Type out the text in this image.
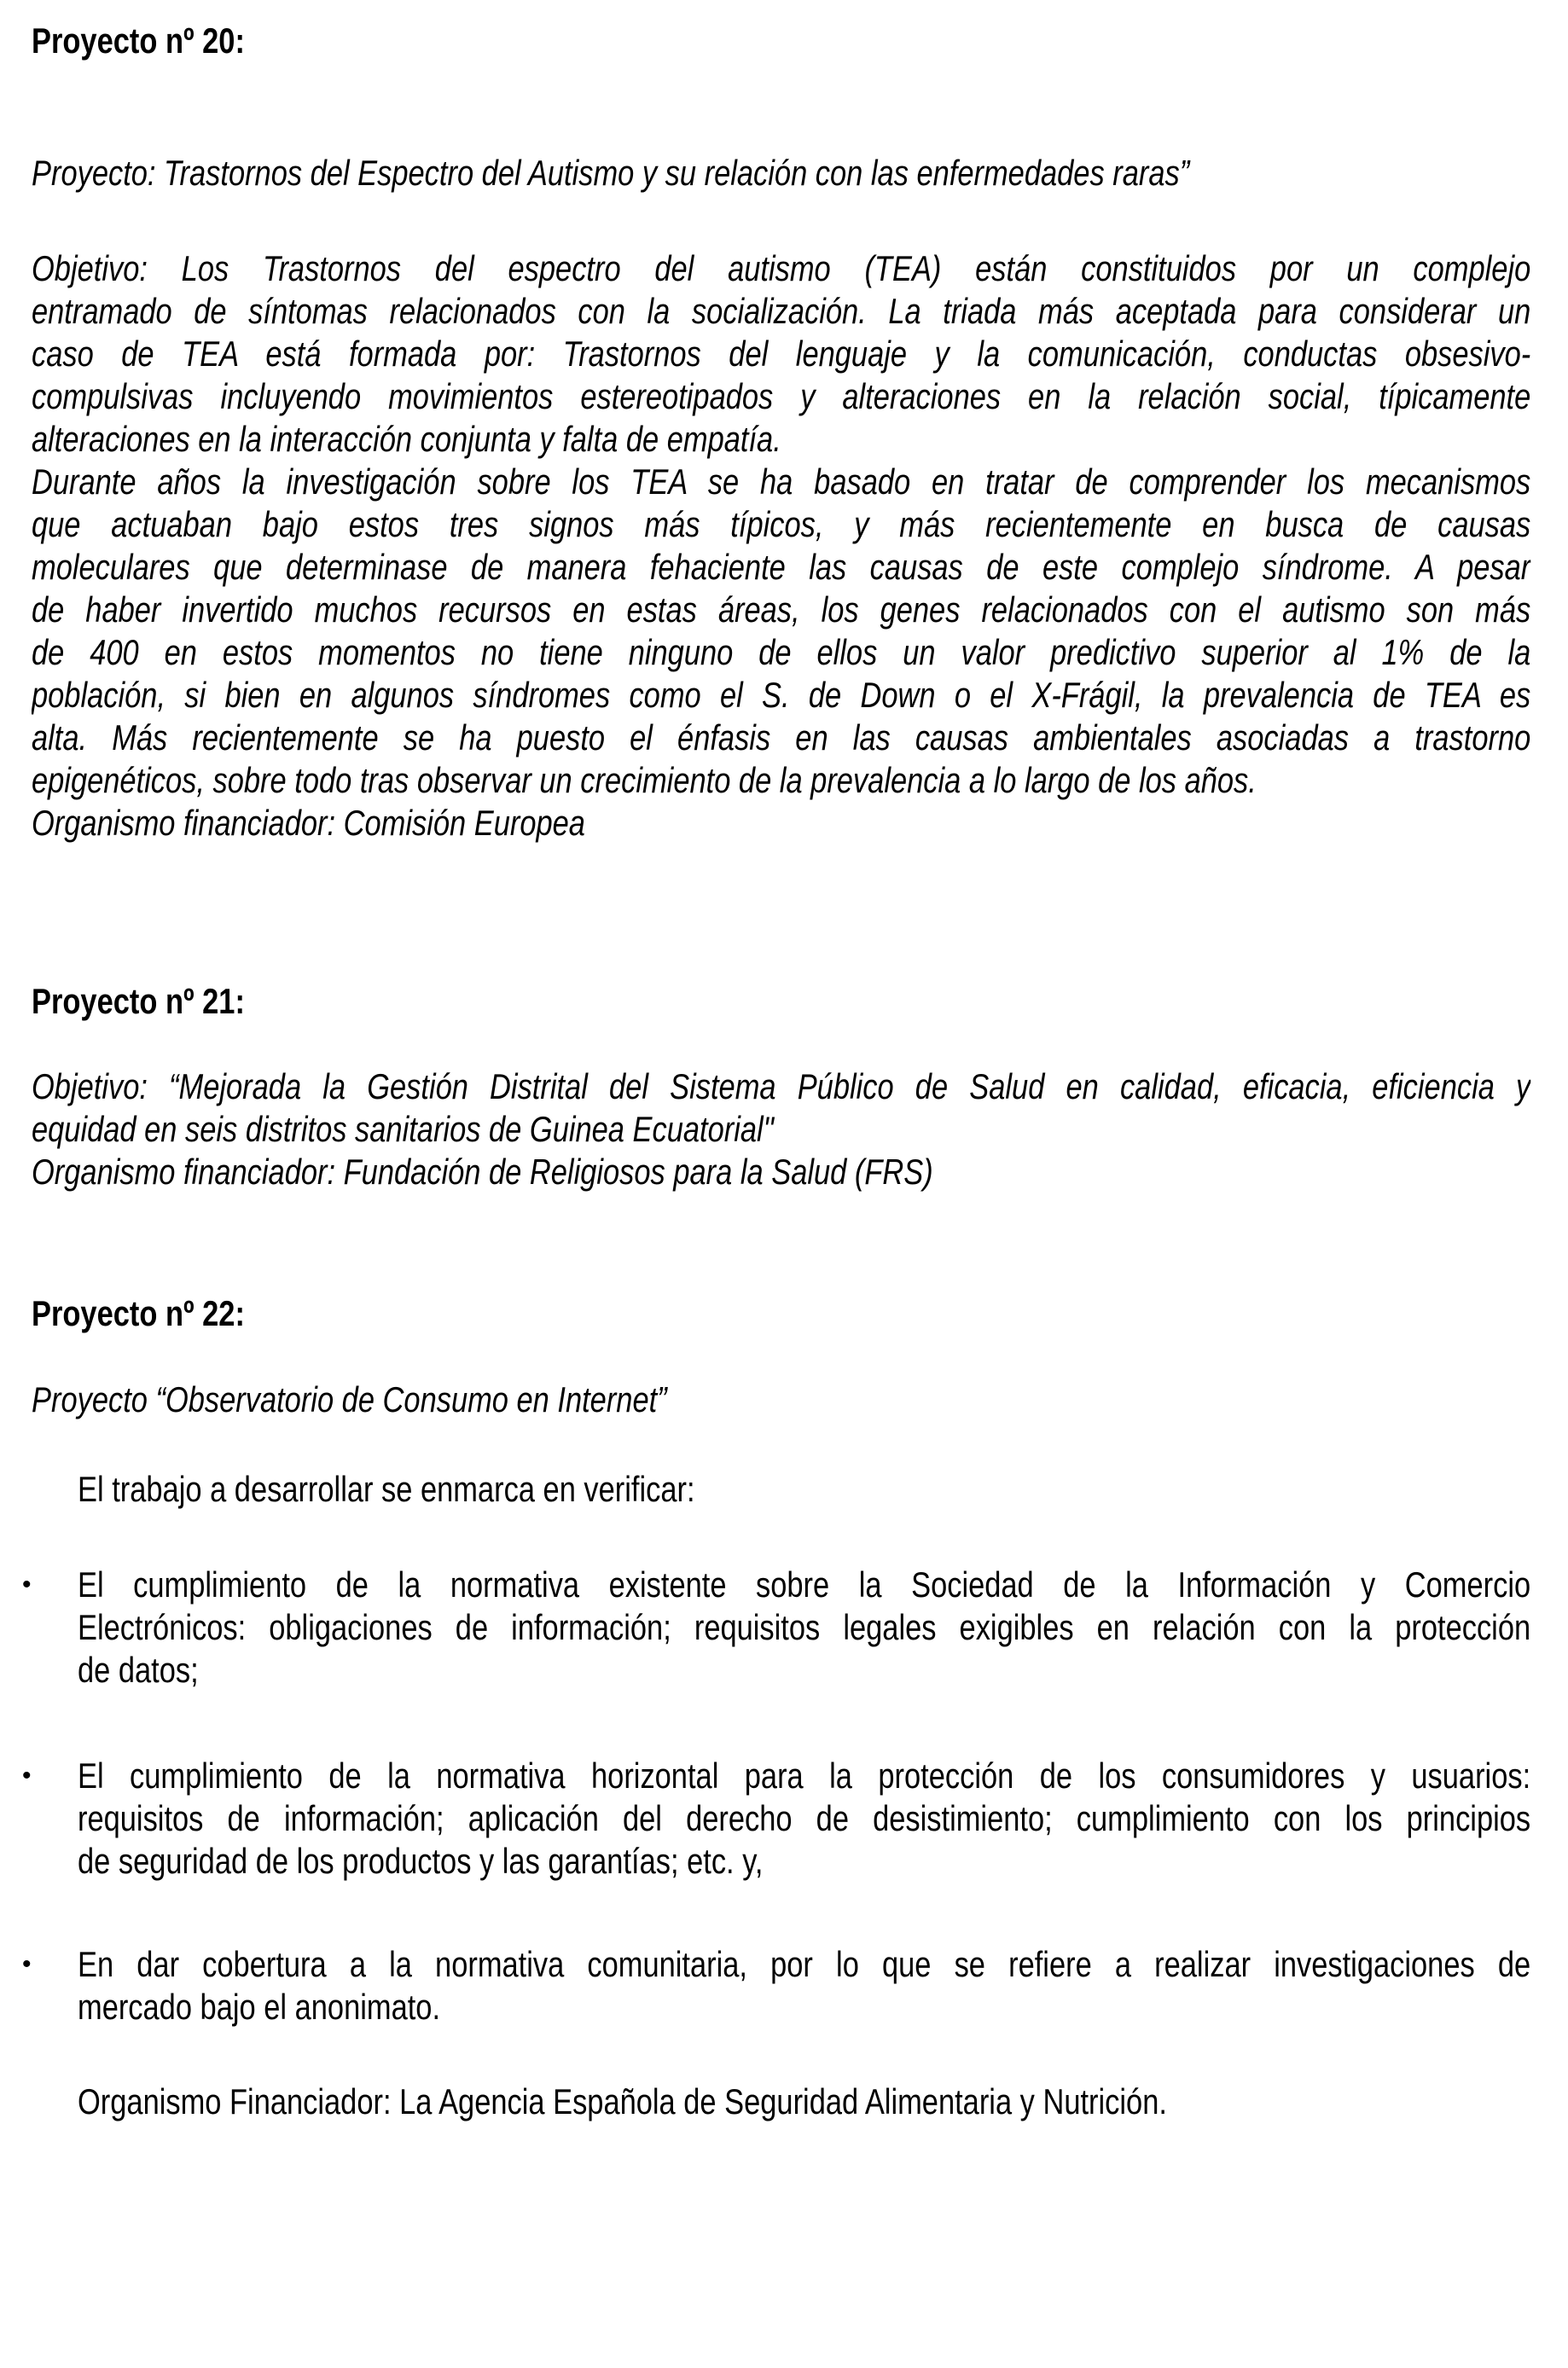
Proyecto nº 20:
Proyecto: Trastornos del Espectro del Autismo y su relación con las enfermedades raras”
Objetivo: Los Trastornos del espectro del autismo (TEA) están constituidos por un complejo
entramado de síntomas relacionados con la socialización. La triada más aceptada para considerar un
caso de TEA está formada por: Trastornos del lenguaje y la comunicación, conductas obsesivo-
compulsivas incluyendo movimientos estereotipados y alteraciones en la relación social, típicamente
alteraciones en la interacción conjunta y falta de empatía.
Durante años la investigación sobre los TEA se ha basado en tratar de comprender los mecanismos
que actuaban bajo estos tres signos más típicos, y más recientemente en busca de causas
moleculares que determinase de manera fehaciente las causas de este complejo síndrome. A pesar
de haber invertido muchos recursos en estas áreas, los genes relacionados con el autismo son más
de 400 en estos momentos no tiene ninguno de ellos un valor predictivo superior al 1% de la
población, si bien en algunos síndromes como el S. de Down o el X-Frágil, la prevalencia de TEA es
alta. Más recientemente se ha puesto el énfasis en las causas ambientales asociadas a trastorno
epigenéticos, sobre todo tras observar un crecimiento de la prevalencia a lo largo de los años.
Organismo financiador: Comisión Europea
Proyecto nº 21:
Objetivo: “Mejorada la Gestión Distrital del Sistema Público de Salud en calidad, eficacia, eficiencia y
equidad en seis distritos sanitarios de Guinea Ecuatorial"
Organismo financiador: Fundación de Religiosos para la Salud (FRS)
Proyecto nº 22:
Proyecto “Observatorio de Consumo en Internet”
El trabajo a desarrollar se enmarca en verificar:
• El cumplimiento de la normativa existente sobre la Sociedad de la Información y Comercio
Electrónicos: obligaciones de información; requisitos legales exigibles en relación con la protección
de datos;
• El cumplimiento de la normativa horizontal para la protección de los consumidores y usuarios:
requisitos de información; aplicación del derecho de desistimiento; cumplimiento con los principios
de seguridad de los productos y las garantías; etc. y,
• En dar cobertura a la normativa comunitaria, por lo que se refiere a realizar investigaciones de
mercado bajo el anonimato.
Organismo Financiador: La Agencia Española de Seguridad Alimentaria y Nutrición.
